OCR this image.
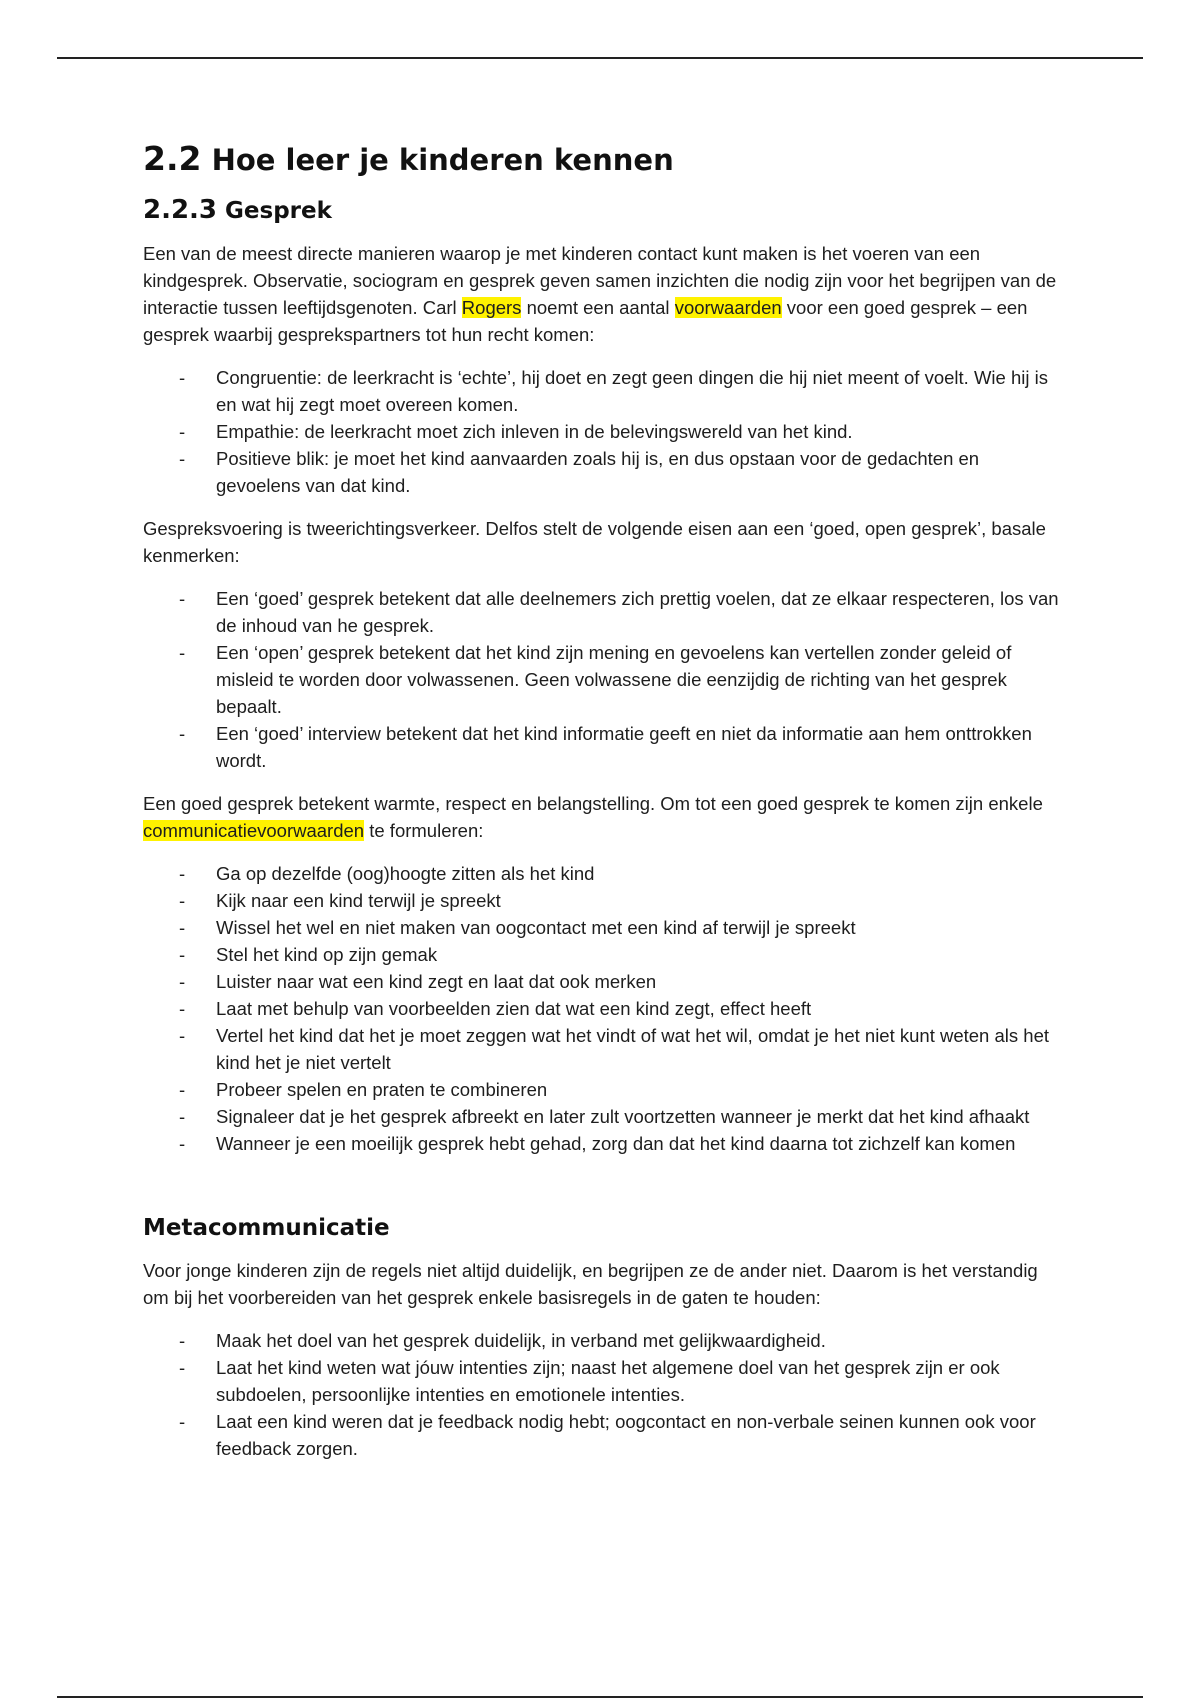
2.2 Hoe leer je kinderen kennen
2.2.3 Gesprek

Een van de meest directe manieren waarop je met kinderen contact kunt maken is het voeren van een kindgesprek. Observatie, sociogram en gesprek geven samen inzichten die nodig zijn voor het begrijpen van de interactie tussen leeftijdsgenoten. Carl Rogers noemt een aantal voorwaarden voor een goed gesprek – een gesprek waarbij gesprekspartners tot hun recht komen:

- Congruentie: de leerkracht is ‘echte’, hij doet en zegt geen dingen die hij niet meent of voelt. Wie hij is en wat hij zegt moet overeen komen.
- Empathie: de leerkracht moet zich inleven in de belevingswereld van het kind.
- Positieve blik: je moet het kind aanvaarden zoals hij is, en dus opstaan voor de gedachten en gevoelens van dat kind.

Gespreksvoering is tweerichtingsverkeer. Delfos stelt de volgende eisen aan een ‘goed, open gesprek’, basale kenmerken:

- Een ‘goed’ gesprek betekent dat alle deelnemers zich prettig voelen, dat ze elkaar respecteren, los van de inhoud van he gesprek.
- Een ‘open’ gesprek betekent dat het kind zijn mening en gevoelens kan vertellen zonder geleid of misleid te worden door volwassenen. Geen volwassene die eenzijdig de richting van het gesprek bepaalt.
- Een ‘goed’ interview betekent dat het kind informatie geeft en niet da informatie aan hem onttrokken wordt.

Een goed gesprek betekent warmte, respect en belangstelling. Om tot een goed gesprek te komen zijn enkele communicatievoorwaarden te formuleren:

- Ga op dezelfde (oog)hoogte zitten als het kind
- Kijk naar een kind terwijl je spreekt
- Wissel het wel en niet maken van oogcontact met een kind af terwijl je spreekt
- Stel het kind op zijn gemak
- Luister naar wat een kind zegt en laat dat ook merken
- Laat met behulp van voorbeelden zien dat wat een kind zegt, effect heeft
- Vertel het kind dat het je moet zeggen wat het vindt of wat het wil, omdat je het niet kunt weten als het kind het je niet vertelt
- Probeer spelen en praten te combineren
- Signaleer dat je het gesprek afbreekt en later zult voortzetten wanneer je merkt dat het kind afhaakt
- Wanneer je een moeilijk gesprek hebt gehad, zorg dan dat het kind daarna tot zichzelf kan komen
Metacommunicatie

Voor jonge kinderen zijn de regels niet altijd duidelijk, en begrijpen ze de ander niet. Daarom is het verstandig om bij het voorbereiden van het gesprek enkele basisregels in de gaten te houden:

- Maak het doel van het gesprek duidelijk, in verband met gelijkwaardigheid.
- Laat het kind weten wat jóuw intenties zijn; naast het algemene doel van het gesprek zijn er ook subdoelen, persoonlijke intenties en emotionele intenties.
- Laat een kind weren dat je feedback nodig hebt; oogcontact en non-verbale seinen kunnen ook voor feedback zorgen.
